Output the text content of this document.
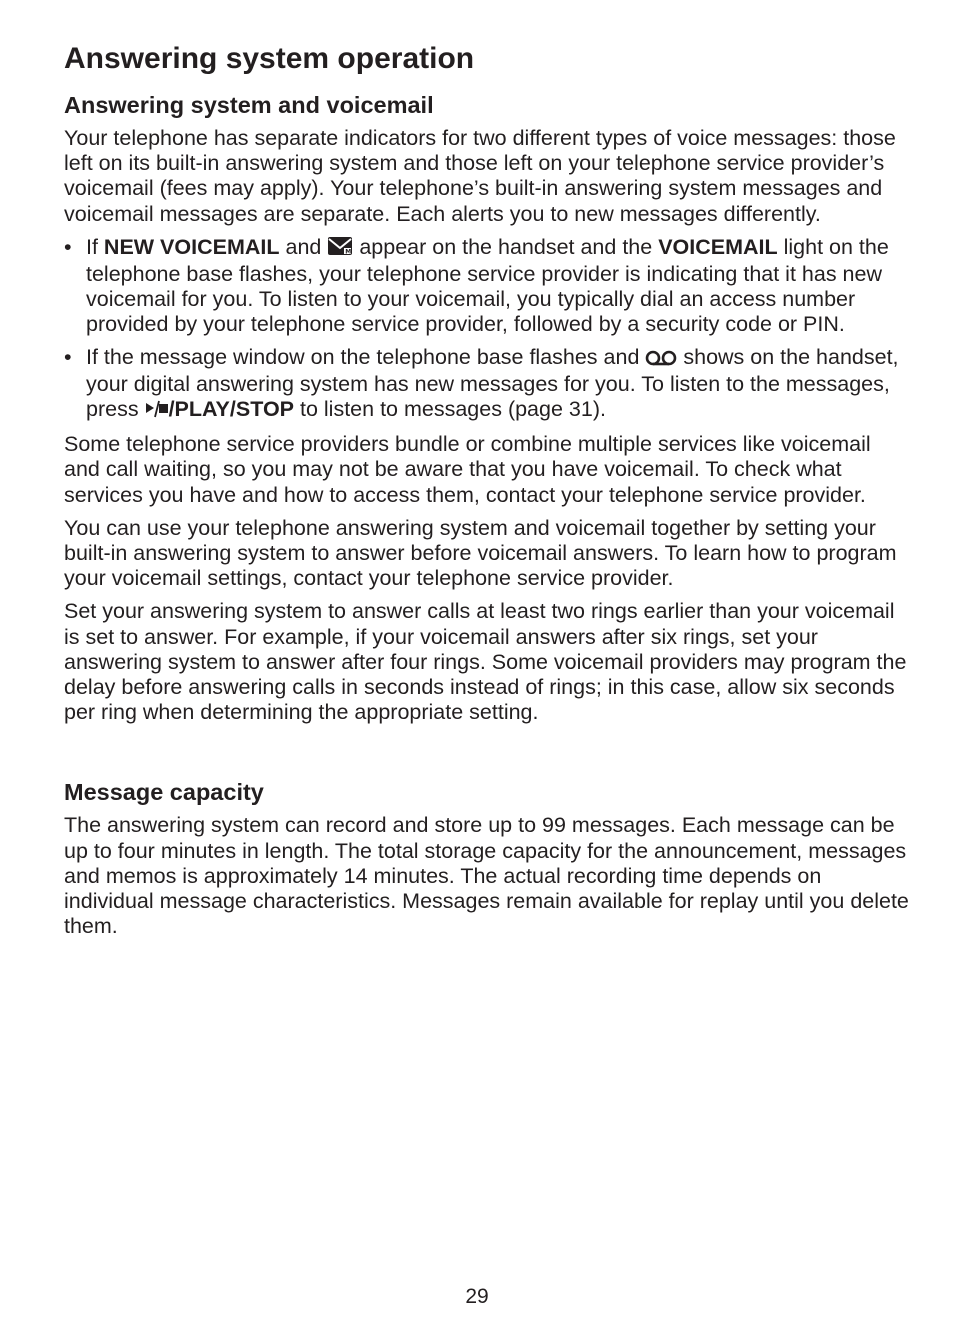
Answering system operation
Answering system and voicemail

Your telephone has separate indicators for two different types of voice messages: those left on its built-in answering system and those left on your telephone service provider’s voicemail (fees may apply). Your telephone’s built-in answering system messages and voicemail messages are separate. Each alerts you to new messages differently.

• If NEW VOICEMAIL and	M appear on the handset and the VOICEMAIL light on the telephone base flashes, your telephone service provider is indicating that it has new voicemail for you. To listen to your voicemail, you typically dial an access number provided by your telephone service provider, followed by a security code or PIN.
• If the message window on the telephone base flashes and  shows on the handset, your digital answering system has new messages for you. To listen to the messages, press /PLAY/STOP to listen to messages (page 31).

Some telephone service providers bundle or combine multiple services like voicemail and call waiting, so you may not be aware that you have voicemail. To check what services you have and how to access them, contact your telephone service provider.

You can use your telephone answering system and voicemail together by setting your built-in answering system to answer before voicemail answers. To learn how to program your voicemail settings, contact your telephone service provider.

Set your answering system to answer calls at least two rings earlier than your voicemail is set to answer. For example, if your voicemail answers after six rings, set your answering system to answer after four rings. Some voicemail providers may program the delay before answering calls in seconds instead of rings; in this case, allow six seconds per ring when determining the appropriate setting.

Message capacity

The answering system can record and store up to 99 messages. Each message can be up to four minutes in length. The total storage capacity for the announcement, messages and memos is approximately 14 minutes. The actual recording time depends on individual message characteristics. Messages remain available for replay until you delete them.

29
